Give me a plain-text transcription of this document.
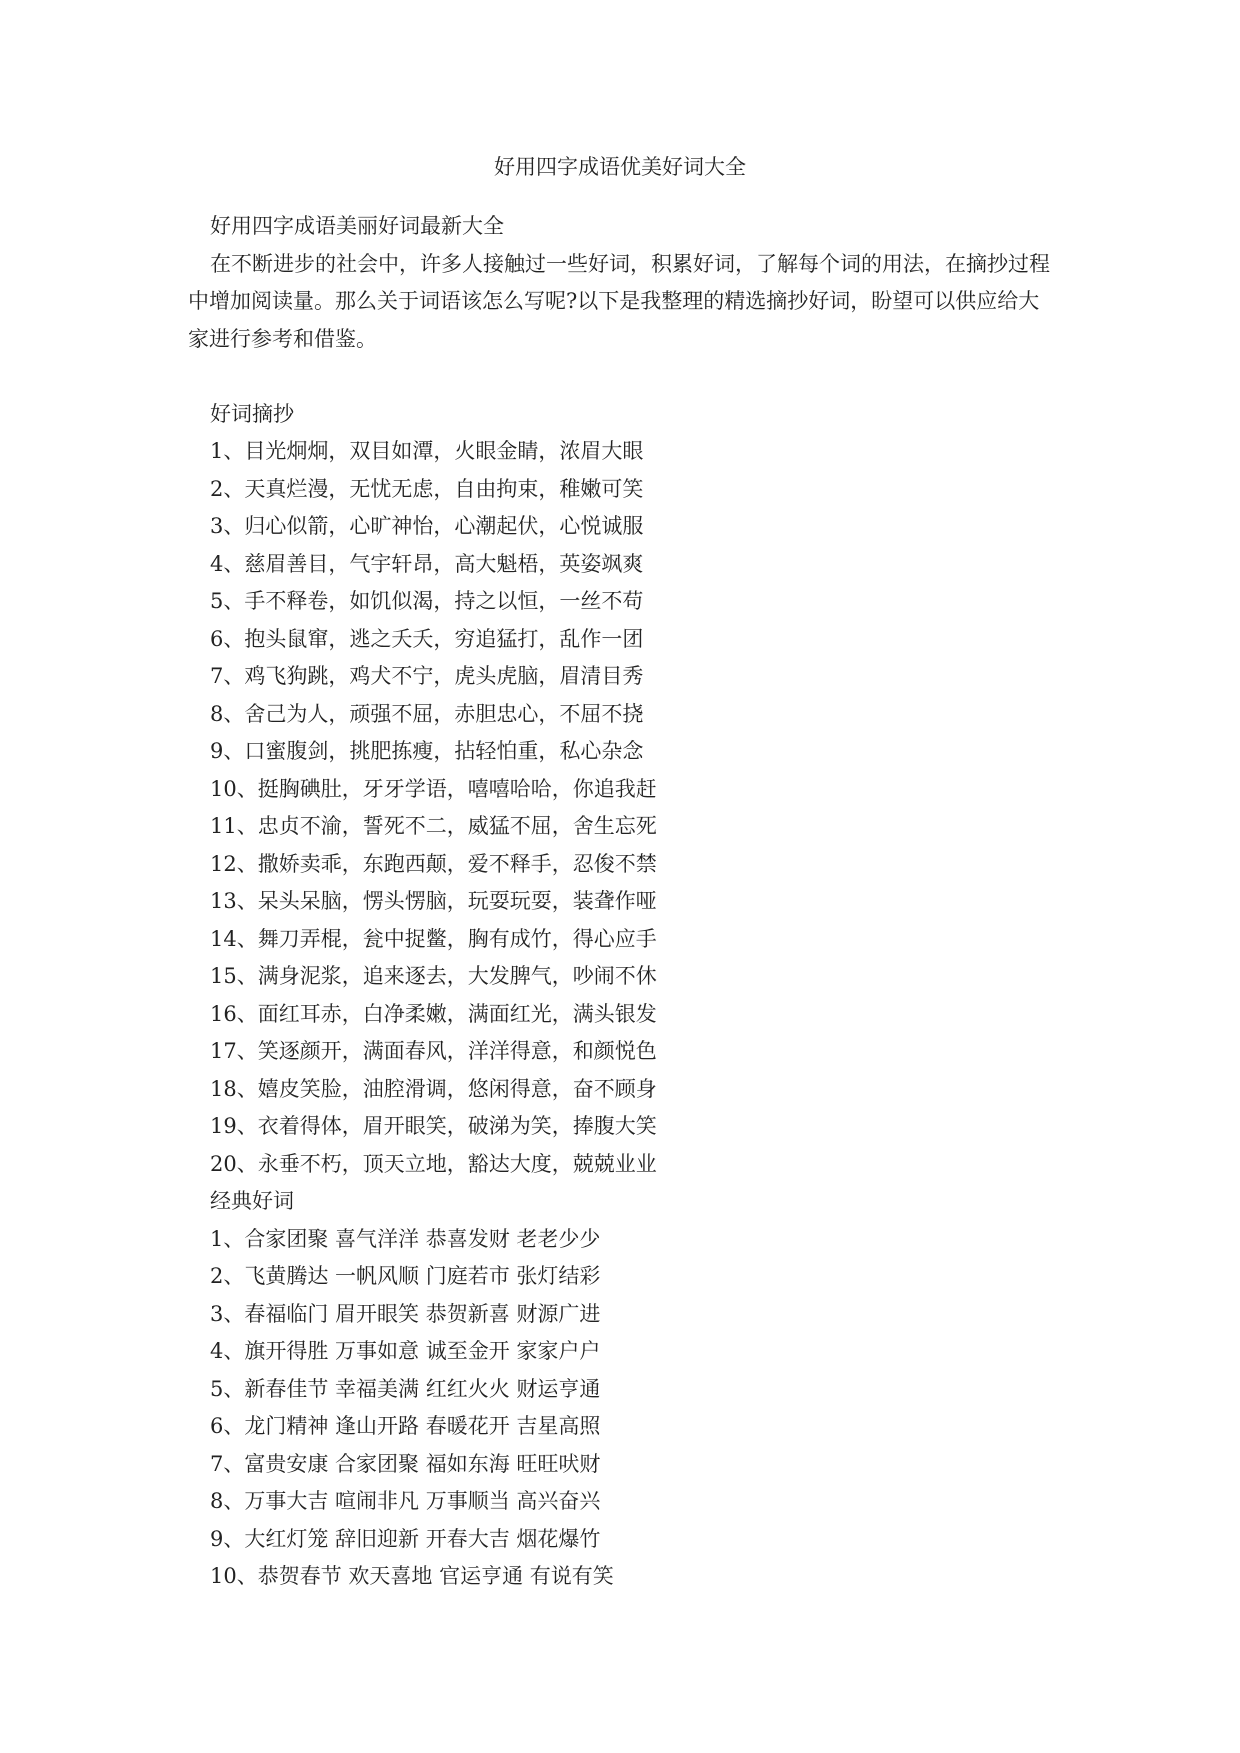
好用四字成语优美好词大全
好用四字成语美丽好词最新大全

在不断进步的社会中，许多人接触过一些好词，积累好词，了解每个词的用法，在摘抄过程中增加阅读量。那么关于词语该怎么写呢?以下是我整理的精选摘抄好词，盼望可以供应给大家进行参考和借鉴。

好词摘抄
1、目光炯炯，双目如潭，火眼金睛，浓眉大眼
2、天真烂漫，无忧无虑，自由拘束，稚嫩可笑
3、归心似箭，心旷神怡，心潮起伏，心悦诚服
4、慈眉善目，气宇轩昂，高大魁梧，英姿飒爽
5、手不释卷，如饥似渴，持之以恒，一丝不苟
6、抱头鼠窜，逃之夭夭，穷追猛打，乱作一团
7、鸡飞狗跳，鸡犬不宁，虎头虎脑，眉清目秀
8、舍己为人，顽强不屈，赤胆忠心，不屈不挠
9、口蜜腹剑，挑肥拣瘦，拈轻怕重，私心杂念
10、挺胸碘肚，牙牙学语，嘻嘻哈哈，你追我赶
11、忠贞不渝，誓死不二，威猛不屈，舍生忘死
12、撒娇卖乖，东跑西颠，爱不释手，忍俊不禁
13、呆头呆脑，愣头愣脑，玩耍玩耍，装聋作哑
14、舞刀弄棍，瓮中捉鳖，胸有成竹，得心应手
15、满身泥浆，追来逐去，大发脾气，吵闹不休
16、面红耳赤，白净柔嫩，满面红光，满头银发
17、笑逐颜开，满面春风，洋洋得意，和颜悦色
18、嬉皮笑脸，油腔滑调，悠闲得意，奋不顾身
19、衣着得体，眉开眼笑，破涕为笑，捧腹大笑
20、永垂不朽，顶天立地，豁达大度，兢兢业业
经典好词
1、合家团聚 喜气洋洋 恭喜发财 老老少少
2、飞黄腾达 一帆风顺 门庭若市 张灯结彩
3、春福临门 眉开眼笑 恭贺新喜 财源广进
4、旗开得胜 万事如意 诚至金开 家家户户
5、新春佳节 幸福美满 红红火火 财运亨通
6、龙门精神 逢山开路 春暖花开 吉星高照
7、富贵安康 合家团聚 福如东海 旺旺吠财
8、万事大吉 喧闹非凡 万事顺当 高兴奋兴
9、大红灯笼 辞旧迎新 开春大吉 烟花爆竹
10、恭贺春节 欢天喜地 官运亨通 有说有笑
